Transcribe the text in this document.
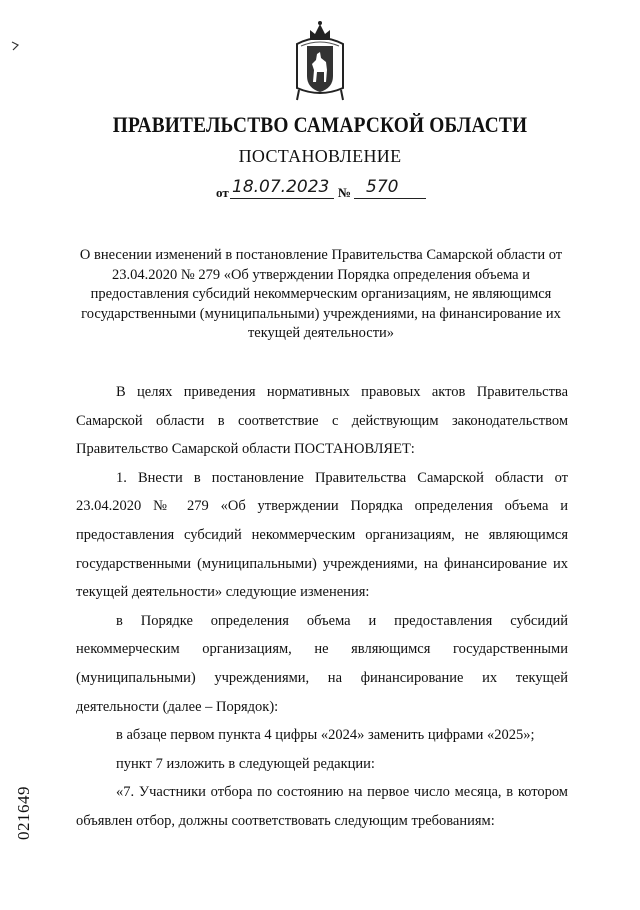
ПРАВИТЕЛЬСТВО САМАРСКОЙ ОБЛАСТИ
ПОСТАНОВЛЕНИЕ
от 18.07.2023 № 570
О внесении изменений в постановление Правительства Самарской области от 23.04.2020 № 279 «Об утверждении Порядка определения объема и предоставления субсидий некоммерческим организациям, не являющимся государственными (муниципальными) учреждениями, на финансирование их текущей деятельности»

В целях приведения нормативных правовых актов Правительства Самарской области в соответствие с действующим законодательством Правительство Самарской области ПОСТАНОВЛЯЕТ:

1. Внести в постановление Правительства Самарской области от 23.04.2020 № 279 «Об утверждении Порядка определения объема и предоставления субсидий некоммерческим организациям, не являющимся государственными (муниципальными) учреждениями, на финансирование их текущей деятельности» следующие изменения:

в Порядке определения объема и предоставления субсидий некоммерческим организациям, не являющимся государственными (муниципальными) учреждениями, на финансирование их текущей деятельности (далее – Порядок):

в абзаце первом пункта 4 цифры «2024» заменить цифрами «2025»;

пункт 7 изложить в следующей редакции:

«7. Участники отбора по состоянию на первое число месяца, в котором объявлен отбор, должны соответствовать следующим требованиям:

021649
